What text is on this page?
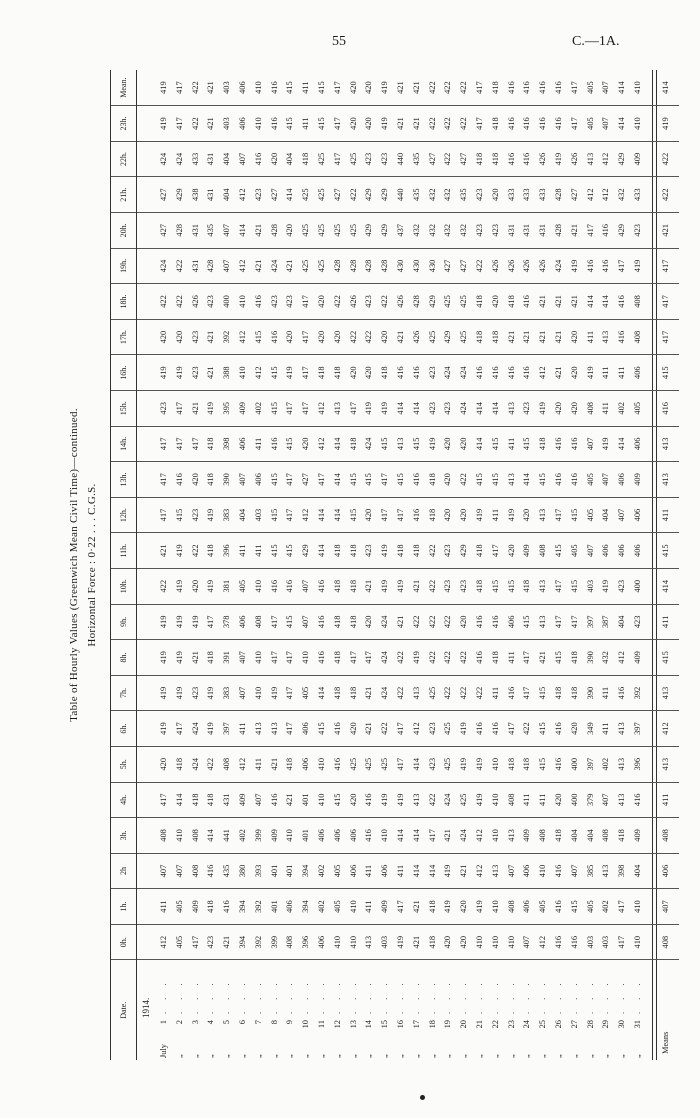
55	C.—1A.
Table of Hourly Values (Greenwich Mean Civil Time)—continued. Horizontal Force : 0·22 . . . C.G.S.
Date.	0h.	1h.	2h	3h.	4h.	5h.	6h.	7h.	8h.	9h.	10h.	11h.	12h.	13h.	14h.	15h.	16h.	17h.	18h.	19h.	20h.	21h.	22h.	23h.	Mean.
1914.																									
July1. . .	412	411	407	408	417	420	419	419	419	419	422	421	417	417	417	423	419	420	422	424	427	427	424	419	419
„2. . .	405	405	407	410	414	418	417	419	419	419	419	419	415	416	417	417	419	420	422	422	428	429	424	417	417
„3. . .	417	409	408	408	418	424	424	423	421	419	420	422	423	420	417	421	423	423	426	431	431	438	433	422	422
„4. . .	423	418	416	414	418	422	419	419	418	417	419	418	419	418	418	419	421	421	423	428	435	431	431	421	421
„5. . .	421	416	435	441	431	408	397	383	391	378	381	396	383	390	398	395	388	392	400	407	407	404	404	403	403
„6. . .	394	394	380	402	409	412	411	407	407	406	405	411	404	407	406	409	410	412	410	412	414	412	407	406	406
„7. . .	392	392	393	399	407	411	413	410	410	408	410	411	403	406	411	402	412	415	416	421	421	423	416	410	410
„8. . .	399	401	401	409	416	421	413	419	417	417	416	415	415	415	416	415	415	416	423	424	428	427	420	416	416
„9. . .	408	406	401	410	421	418	417	417	417	415	416	415	417	417	415	417	419	420	423	421	420	414	404	415	415
„10. . .	396	394	394	401	401	406	406	405	410	407	407	429	412	427	420	417	417	417	417	425	425	425	418	411	411
„11. . .	406	402	402	406	410	410	415	414	416	416	416	414	414	417	412	412	418	420	420	425	425	425	425	415	415
„12. . .	410	405	405	406	415	416	416	418	418	418	418	418	414	414	414	413	418	420	422	428	425	427	417	417	417
„13. . .	410	410	406	406	420	425	420	418	417	418	418	418	415	415	418	417	420	422	426	428	425	422	425	420	420
„14. . .	413	411	411	416	416	425	421	421	417	420	421	423	420	415	424	419	420	422	423	428	429	429	423	420	420
„15. . .	403	409	406	410	419	425	422	424	424	424	419	419	417	417	415	419	418	420	422	428	429	429	423	419	419
„16. . .	419	417	411	414	419	417	417	422	422	421	419	418	417	415	413	414	416	421	426	430	437	440	440	421	421
„17. . .	421	421	414	414	413	414	412	413	419	422	421	418	416	416	415	414	416	426	428	430	432	435	435	421	421
„18. . .	418	418	414	417	422	423	423	425	422	422	422	422	418	418	419	423	423	425	429	430	432	432	427	422	422
„19. . .	420	419	419	421	424	425	425	422	422	422	423	423	420	420	420	423	424	429	425	427	432	432	422	422	422
„20. . .	420	420	421	424	425	419	419	422	422	420	423	429	420	422	420	424	424	425	425	427	432	435	427	422	422
„21. . .	410	419	412	412	419	419	416	422	416	416	418	418	419	415	414	414	416	418	418	422	423	423	418	417	417
„22. . .	410	410	413	410	410	410	416	411	418	416	415	417	411	415	415	414	416	418	420	426	423	420	418	418	418
„23. . .	410	408	407	413	408	418	417	416	411	406	415	420	419	413	411	413	416	421	418	426	431	433	416	416	416
„24. . .	407	406	406	409	411	418	422	417	417	415	418	409	420	414	415	423	416	421	416	426	431	433	416	416	416
„25. . .	412	405	410	408	411	415	415	415	421	413	413	408	413	415	418	419	412	421	421	426	431	433	426	416	416
„26. . .	416	416	416	418	420	416	416	418	415	417	417	415	417	416	416	420	421	421	421	424	428	428	419	416	416
„27. . .	416	415	407	404	400	400	420	418	418	417	415	405	415	416	416	420	420	420	421	419	421	427	426	417	417
„28. . .	403	405	385	404	379	397	349	390	390	397	403	407	405	405	407	408	419	411	414	416	417	412	413	405	405
„29. . .	403	402	413	408	407	402	411	411	432	387	419	406	404	407	419	411	411	413	414	416	416	412	412	407	407
„30. . .	417	417	398	418	413	413	413	416	412	404	423	406	407	406	414	402	411	416	416	417	429	432	429	414	414
„31. . .	410	410	404	409	416	396	397	392	409	423	400	406	406	409	406	405	406	408	408	419	423	433	409	410	410

Means	408	407	406	408	411	413	412	413	415	411	414	415	411	413	413	416	415	417	417	417	421	422	422	419	414
